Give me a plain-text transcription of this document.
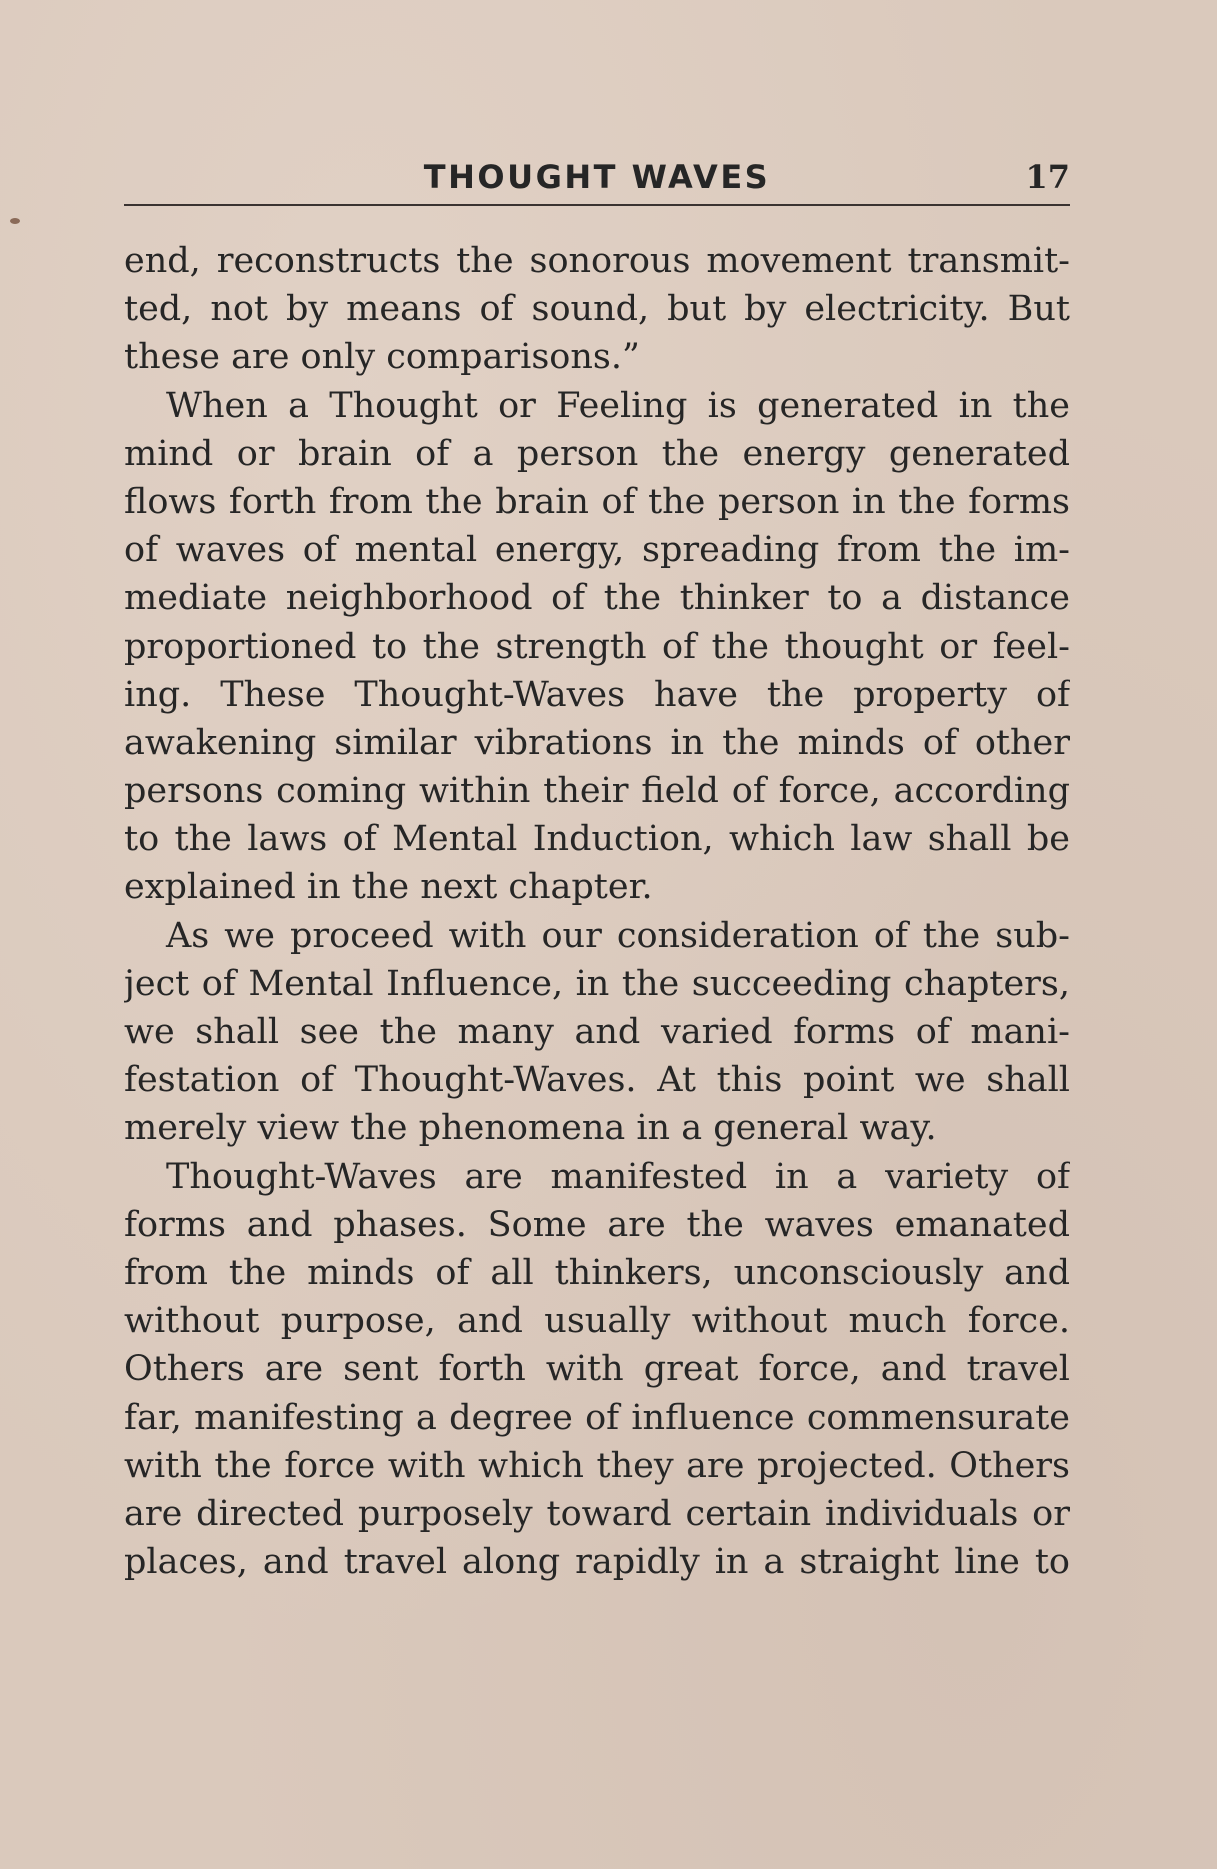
THOUGHT WAVES	17
end, reconstructs the sonorous movement transmit-
ted, not by means of sound, but by electricity. But
these are only comparisons.”
When a Thought or Feeling is generated in the
mind or brain of a person the energy generated
flows forth from the brain of the person in the forms
of waves of mental energy, spreading from the im-
mediate neighborhood of the thinker to a distance
proportioned to the strength of the thought or feel-
ing. These Thought-Waves have the property of
awakening similar vibrations in the minds of other
persons coming within their field of force, according
to the laws of Mental Induction, which law shall be
explained in the next chapter.
As we proceed with our consideration of the sub-
ject of Mental Influence, in the succeeding chapters,
we shall see the many and varied forms of mani-
festation of Thought-Waves. At this point we shall
merely view the phenomena in a general way.
Thought-Waves are manifested in a variety of
forms and phases. Some are the waves emanated
from the minds of all thinkers, unconsciously and
without purpose, and usually without much force.
Others are sent forth with great force, and travel
far, manifesting a degree of influence commensurate
with the force with which they are projected. Others
are directed purposely toward certain individuals or
places, and travel along rapidly in a straight line to
